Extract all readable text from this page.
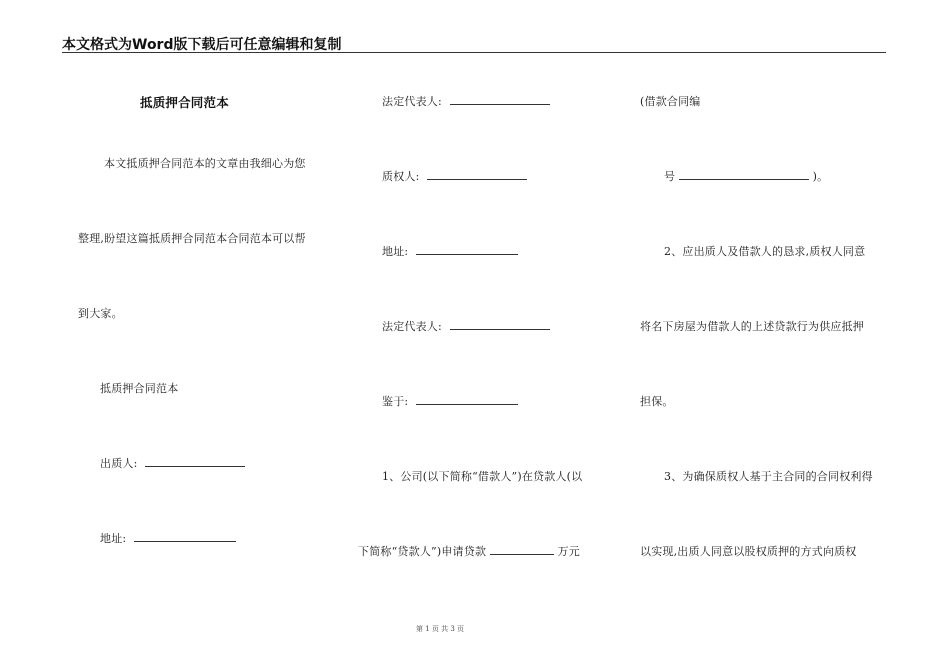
本文格式为Word版下载后可任意编辑和复制
抵质押合同范本
本文抵质押合同范本的文章由我细心为您
整理,盼望这篇抵质押合同范本合同范本可以帮
到大家。
抵质押合同范本
出质人:
地址:
法定代表人:
质权人:
地址:
法定代表人:
鉴于:
1、公司(以下简称“借款人”)在贷款人(以
下简称“贷款人”)申请贷款	万元
(借款合同编
号	)。
2、应出质人及借款人的恳求,质权人同意
将名下房屋为借款人的上述贷款行为供应抵押
担保。
3、为确保质权人基于主合同的合同权利得
以实现,出质人同意以股权质押的方式向质权
第 1 页 共 3 页
